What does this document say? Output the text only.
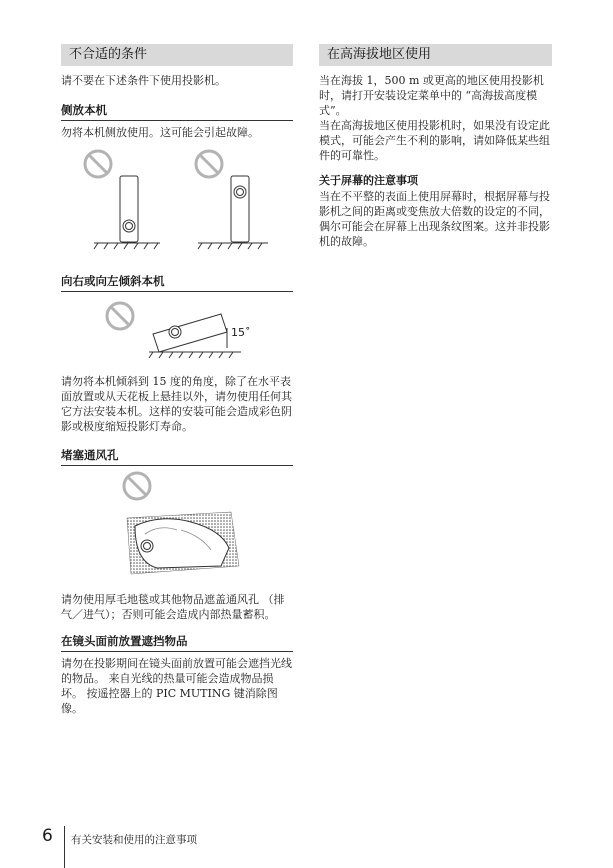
不合适的条件

请不要在下述条件下使用投影机。

侧放本机

勿将本机侧放使用。这可能会引起故障。

向右或向左倾斜本机
15˚

请勿将本机倾斜到 15 度的角度，除了在水平表面放置或从天花板上悬挂以外，请勿使用任何其它方法安装本机。这样的安装可能会造成彩色阴影或极度缩短投影灯寿命。

堵塞通风孔

请勿使用厚毛地毯或其他物品遮盖通风孔 （排气／进气）；否则可能会造成内部热量蓄积。

在镜头面前放置遮挡物品

请勿在投影期间在镜头面前放置可能会遮挡光线的物品。 来自光线的热量可能会造成物品损坏。 按遥控器上的 PIC MUTING 键消除图像。

在高海拔地区使用

当在海拔 1，500 m 或更高的地区使用投影机时，请打开安装设定菜单中的 “高海拔高度模式”。

当在高海拔地区使用投影机时，如果没有设定此模式，可能会产生不利的影响，请如降低某些组件的可靠性。

关于屏幕的注意事项

当在不平整的表面上使用屏幕时，根据屏幕与投影机之间的距离或变焦放大倍数的设定的不同，偶尔可能会在屏幕上出现条纹图案。这并非投影机的故障。

6 有关安装和使用的注意事项
